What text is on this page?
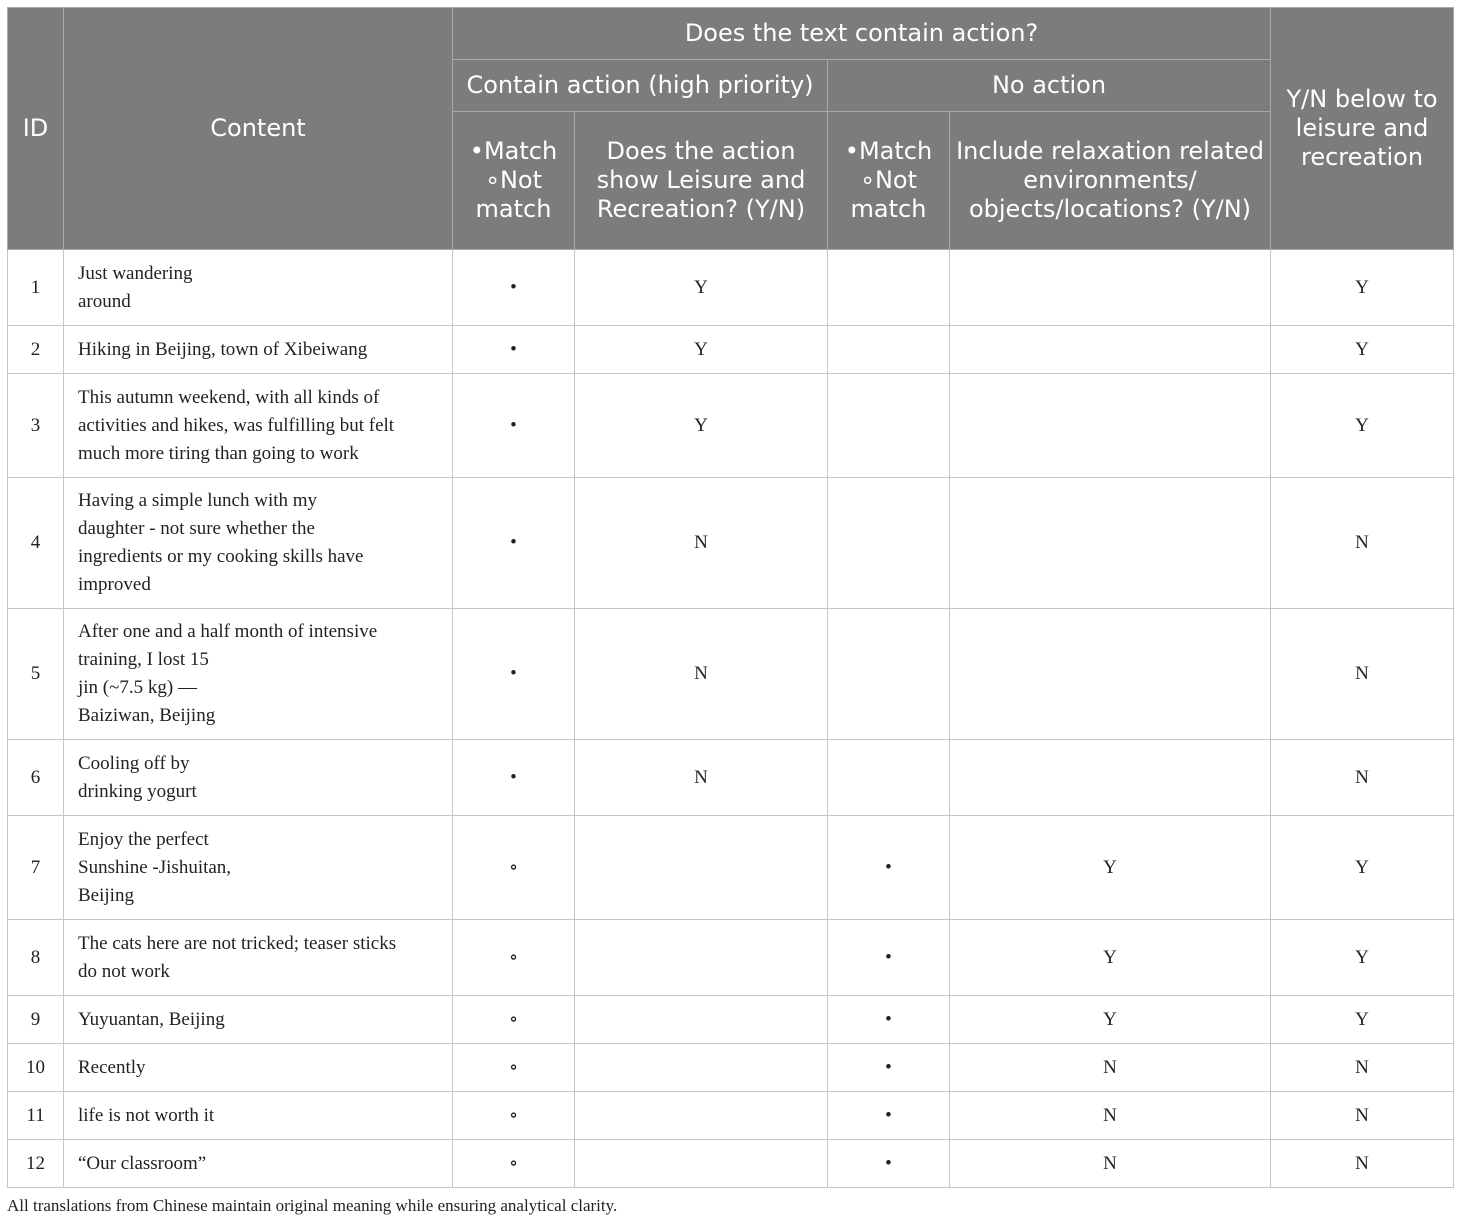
ID	Content	Does the text contain action?				Y/N below to leisure and recreation
		Contain action (high priority)		No action		
		•Match
∘Not
match	Does the action show Leisure and Recreation? (Y/N)	•Match
∘Not
match	Include relaxation related environments/ objects/locations? (Y/N)	
1	Just wandering
around	•	Y			Y
2	Hiking in Beijing, town of Xibeiwang	•	Y			Y
3	This autumn weekend, with all kinds of
activities and hikes, was fulfilling but felt
much more tiring than going to work	•	Y			Y
4	Having a simple lunch with my
daughter - not sure whether the
ingredients or my cooking skills have
improved	•	N			N
5	After one and a half month of intensive
training, I lost 15
jin (~7.5 kg) —
Baiziwan, Beijing	•	N			N
6	Cooling off by
drinking yogurt	•	N			N
7	Enjoy the perfect
Sunshine -Jishuitan,
Beijing	∘		•	Y	Y
8	The cats here are not tricked; teaser sticks
do not work	∘		•	Y	Y
9	Yuyuantan, Beijing	∘		•	Y	Y
10	Recently	∘		•	N	N
11	life is not worth it	∘		•	N	N
12	“Our classroom”	∘		•	N	N
All translations from Chinese maintain original meaning while ensuring analytical clarity.
